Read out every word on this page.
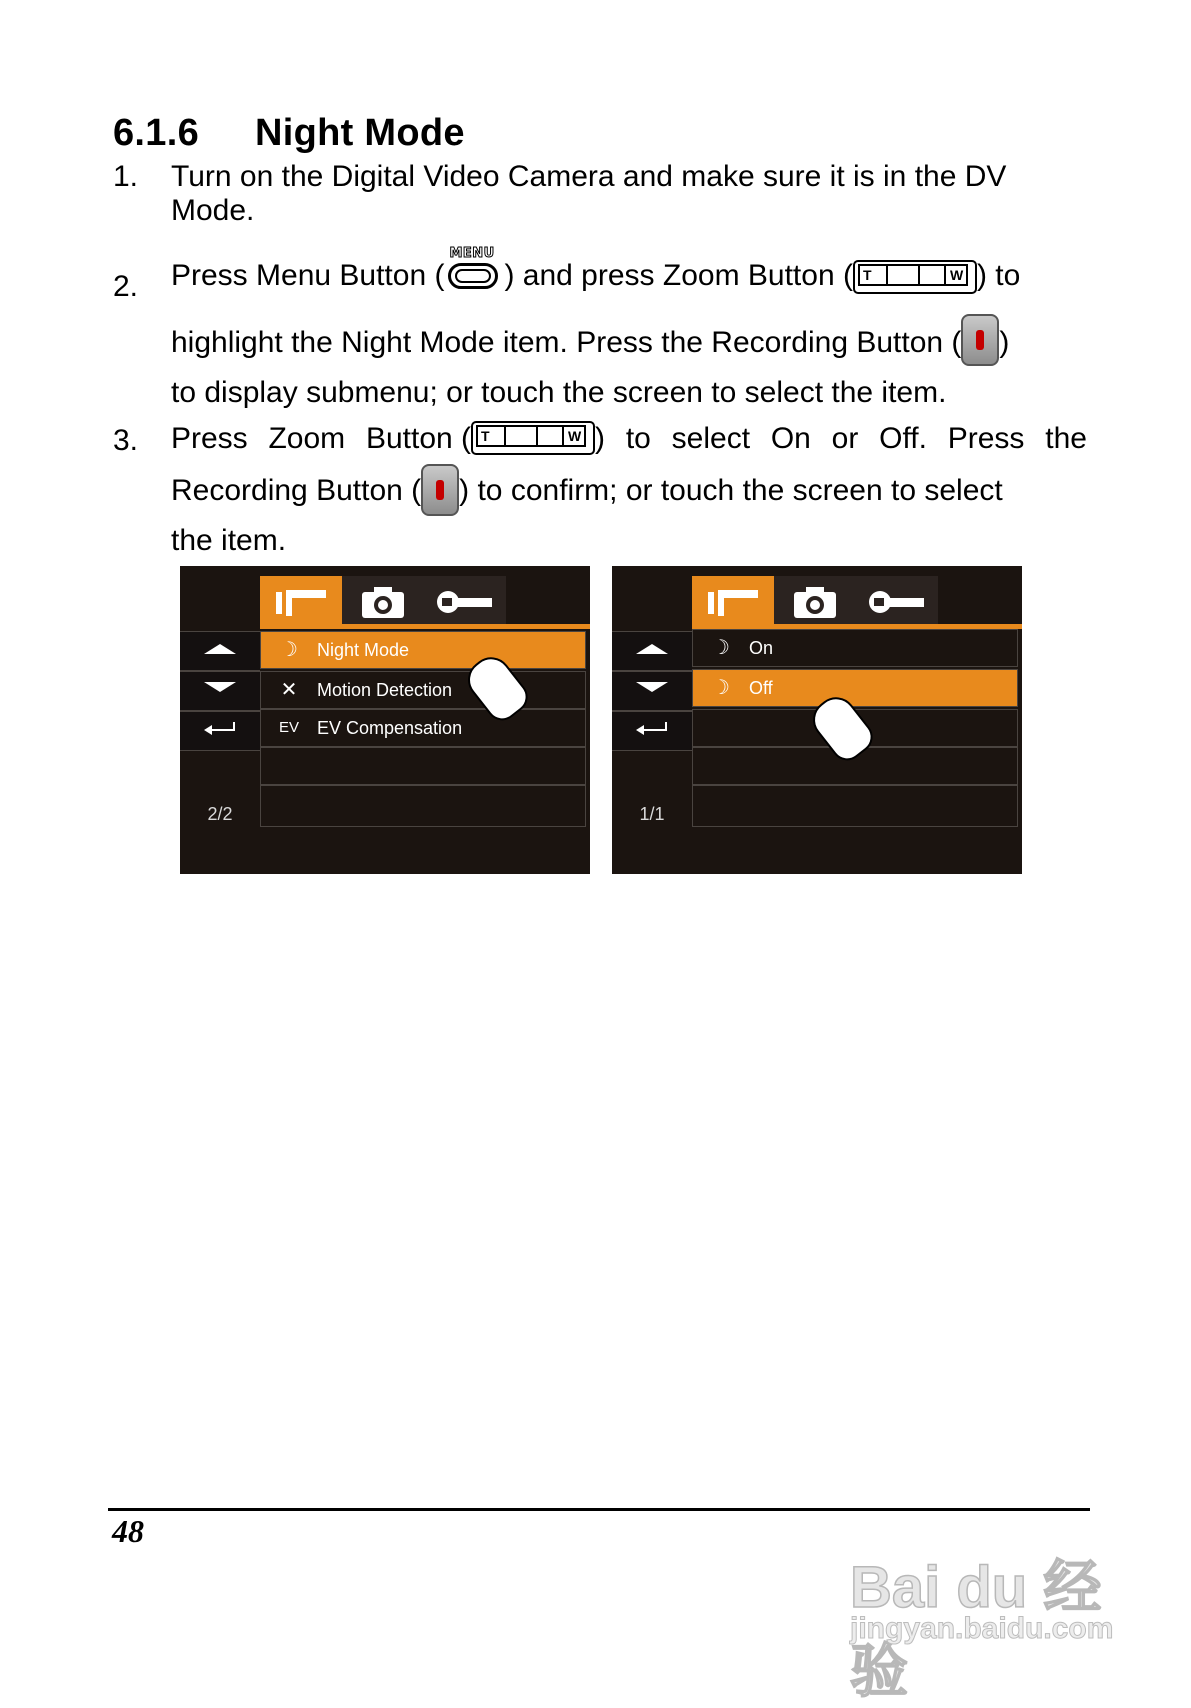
6.1.6 Night Mode
1. Turn on the Digital Video Camera and make sure it is in the DV
Mode.
2. Press Menu Button (
MENU
) and press Zoom Button ( T	W ) to
highlight the Night Mode item. Press the Recording Button ( )
to display submenu; or touch the screen to select the item.
3. Press Zoom Button ( T	W ) to select On or Off. Press the
Recording Button ( ) to confirm; or touch the screen to select
the item.
2/2
☽ Night Mode
✕	Motion Detection
EV EV Compensation
1/1
☽ On
☽ Off
48
Bai du 经验
jingyan.baidu.com
